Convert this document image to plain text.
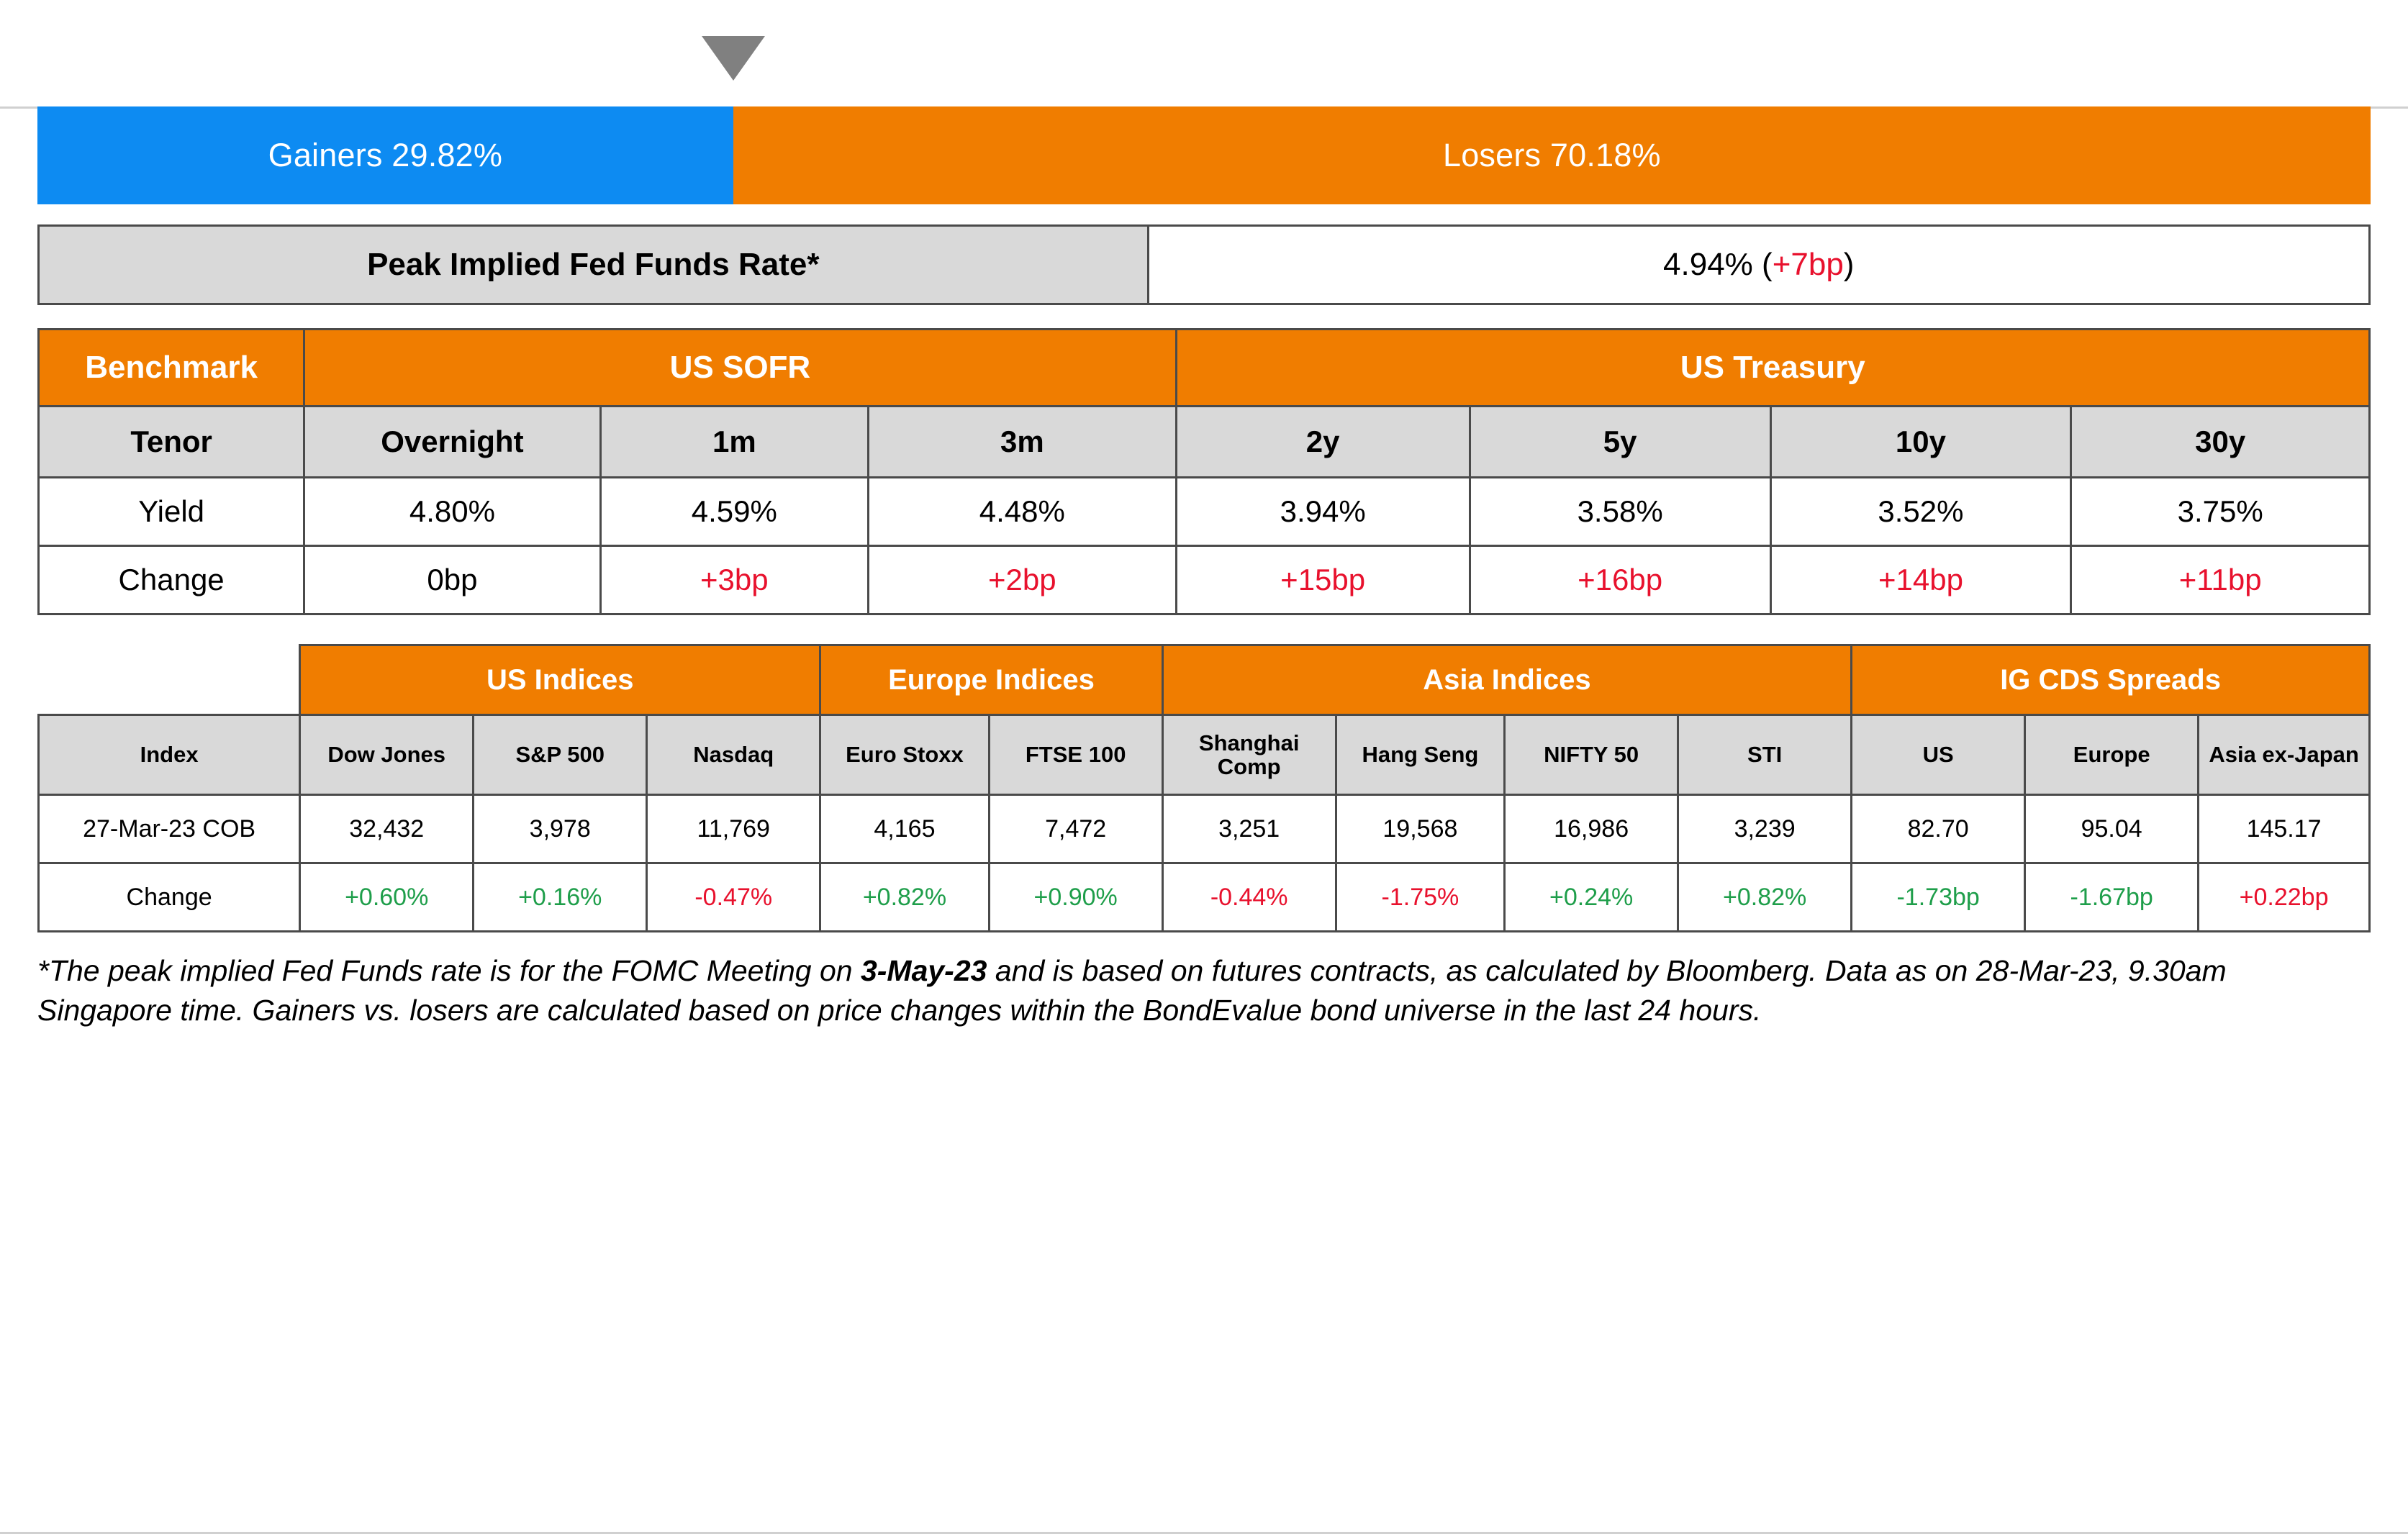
Gainers 29.82%	Losers 70.18%
Peak Implied Fed Funds Rate*	4.94% (+7bp)
Benchmark	US SOFR			US Treasury			
Tenor	Overnight	1m	3m	2y	5y	10y	30y
Yield	4.80%	4.59%	4.48%	3.94%	3.58%	3.52%	3.75%
Change	0bp	+3bp	+2bp	+15bp	+16bp	+14bp	+11bp
	US Indices			Europe Indices		Asia Indices				IG CDS Spreads		
Index	Dow Jones	S&P 500	Nasdaq	Euro Stoxx	FTSE 100	Shanghai Comp	Hang Seng	NIFTY 50	STI	US	Europe	Asia ex-Japan
27-Mar-23 COB	32,432	3,978	11,769	4,165	7,472	3,251	19,568	16,986	3,239	82.70	95.04	145.17
Change	+0.60%	+0.16%	-0.47%	+0.82%	+0.90%	-0.44%	-1.75%	+0.24%	+0.82%	-1.73bp	-1.67bp	+0.22bp
*The peak implied Fed Funds rate is for the FOMC Meeting on 3-May-23 and is based on futures contracts, as calculated by Bloomberg. Data as on 28-Mar-23, 9.30am Singapore time. Gainers vs. losers are calculated based on price changes within the BondEvalue bond universe in the last 24 hours.
